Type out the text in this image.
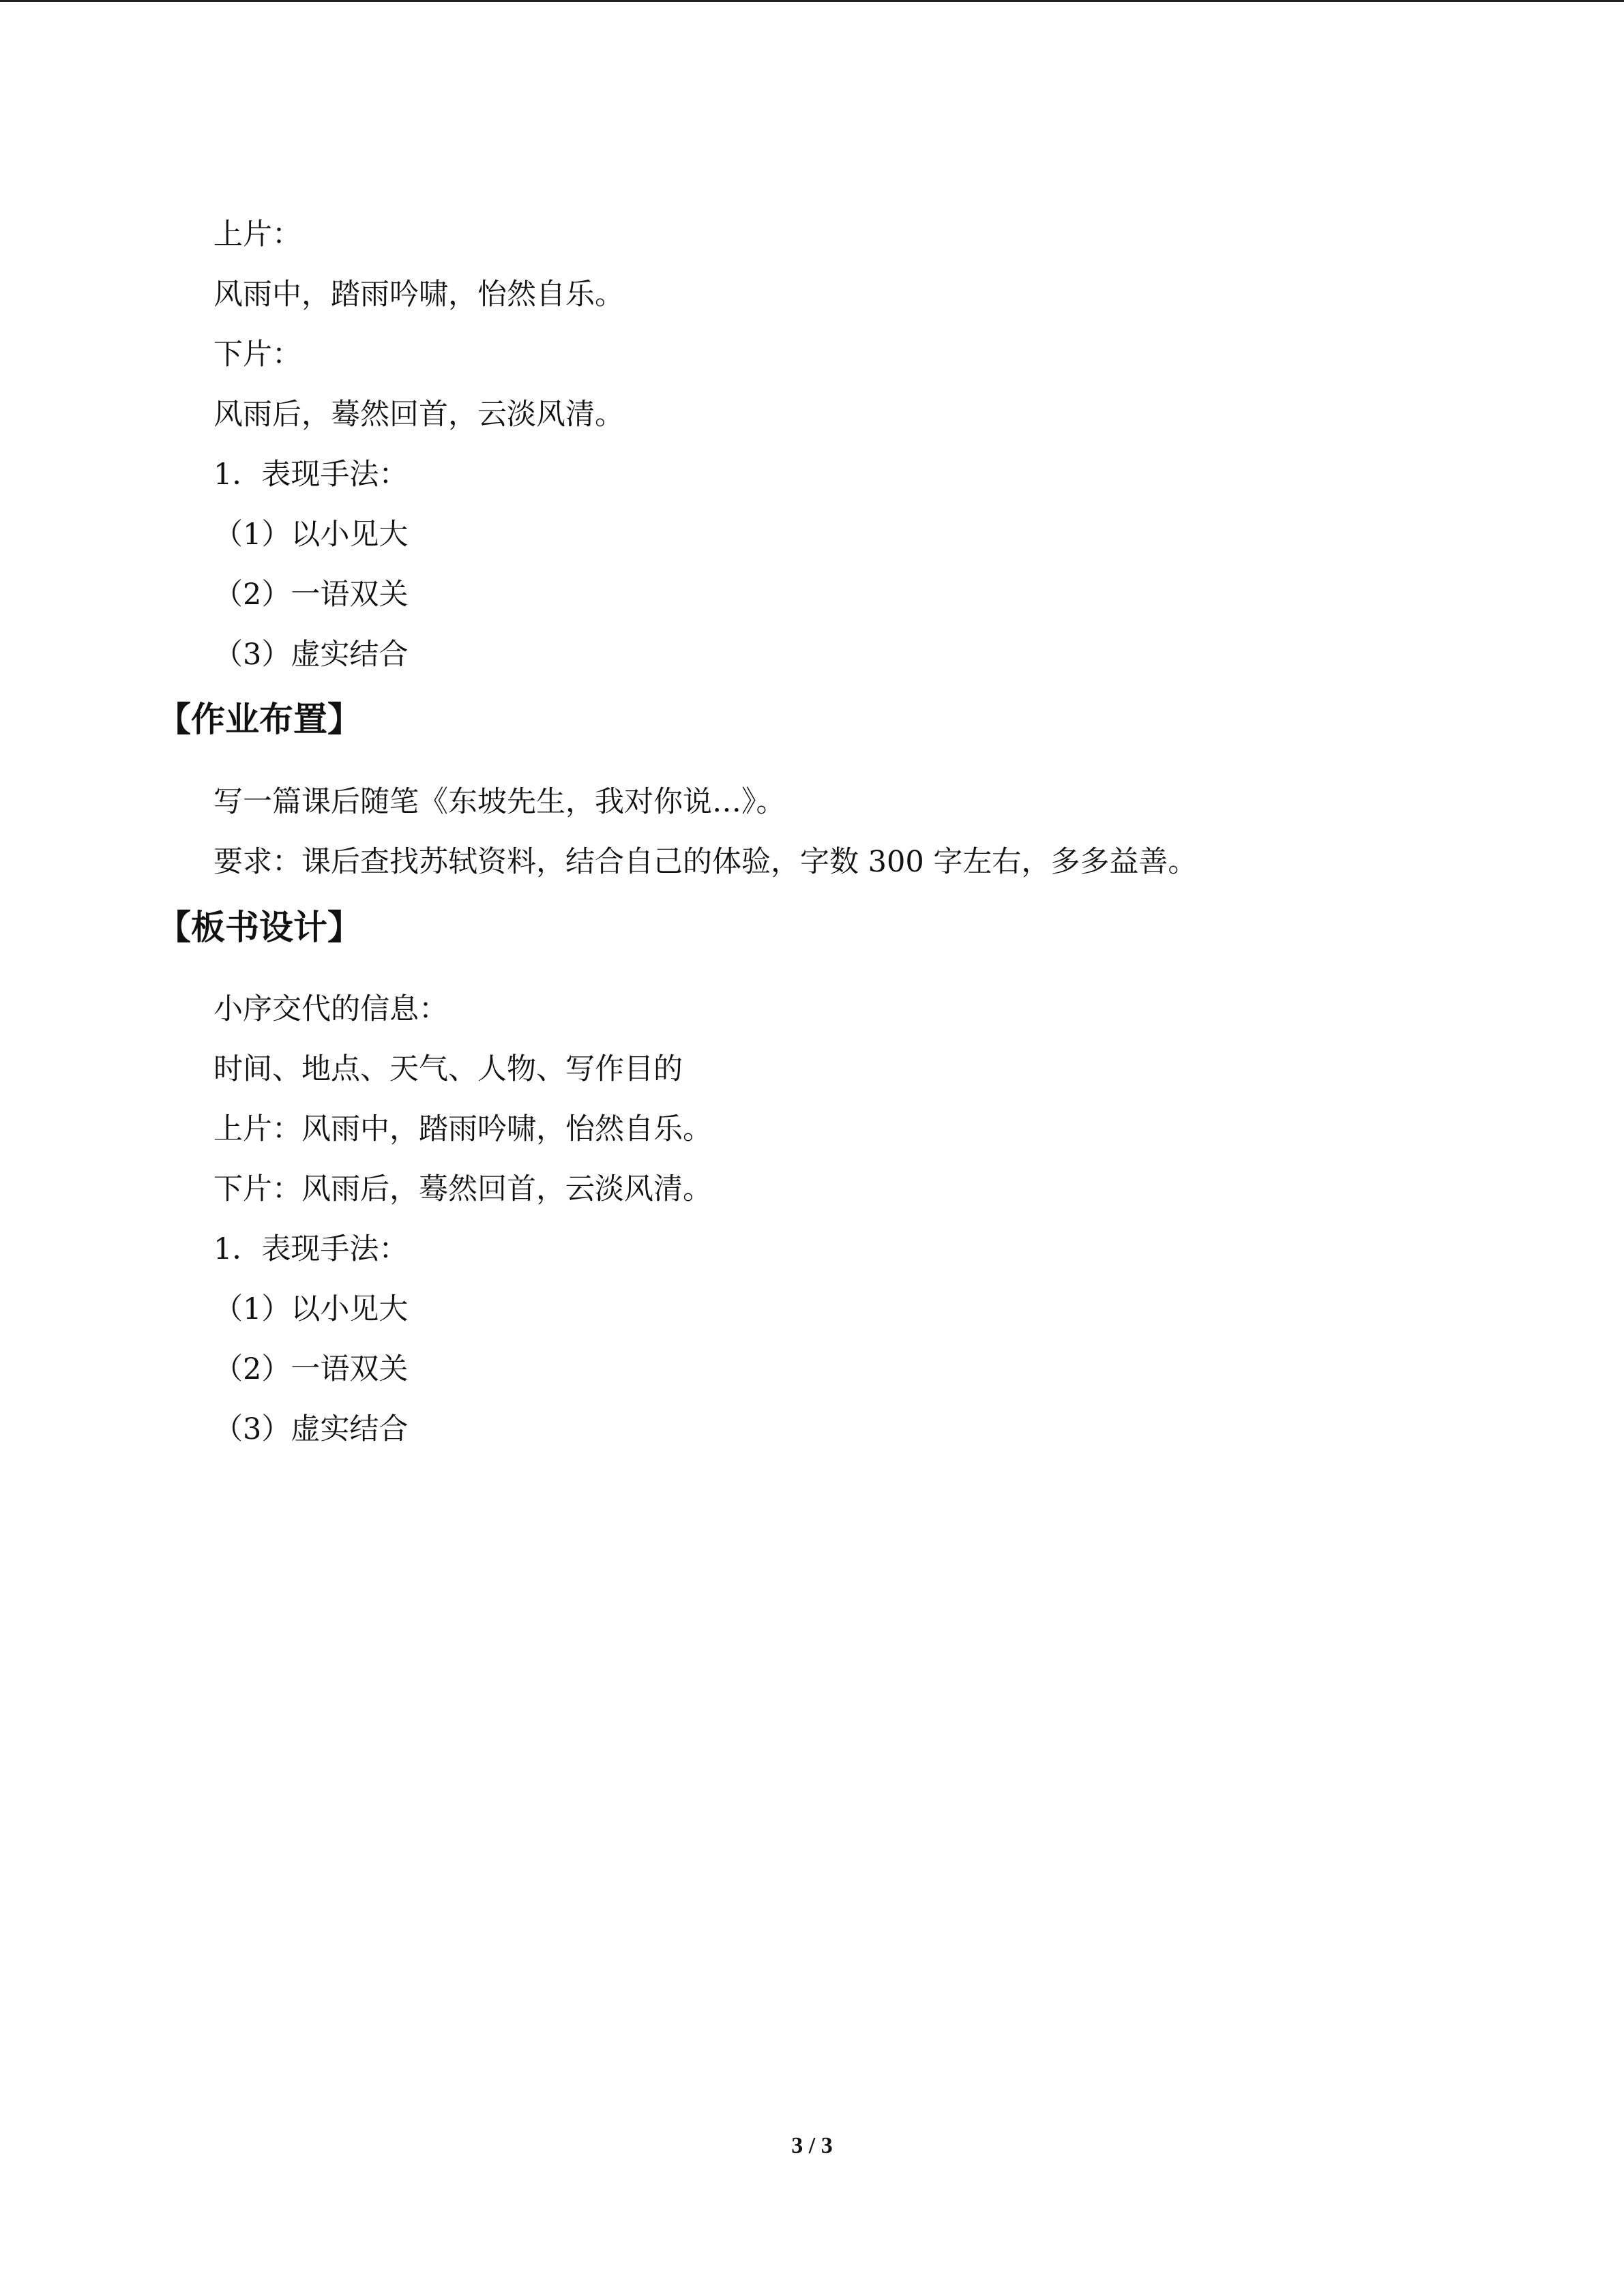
上片：
风雨中，踏雨吟啸，怡然自乐。
下片：
风雨后，蓦然回首，云淡风清。
1．表现手法：
（1）以小见大
（2）一语双关
（3）虚实结合
【作业布置】
写一篇课后随笔《东坡先生，我对你说…》。
要求：课后查找苏轼资料，结合自己的体验，字数 300 字左右，多多益善。
【板书设计】
小序交代的信息：
时间、地点、天气、人物、写作目的
上片：风雨中，踏雨吟啸，怡然自乐。
下片：风雨后，蓦然回首，云淡风清。
1．表现手法：
（1）以小见大
（2）一语双关
（3）虚实结合
3 / 3
